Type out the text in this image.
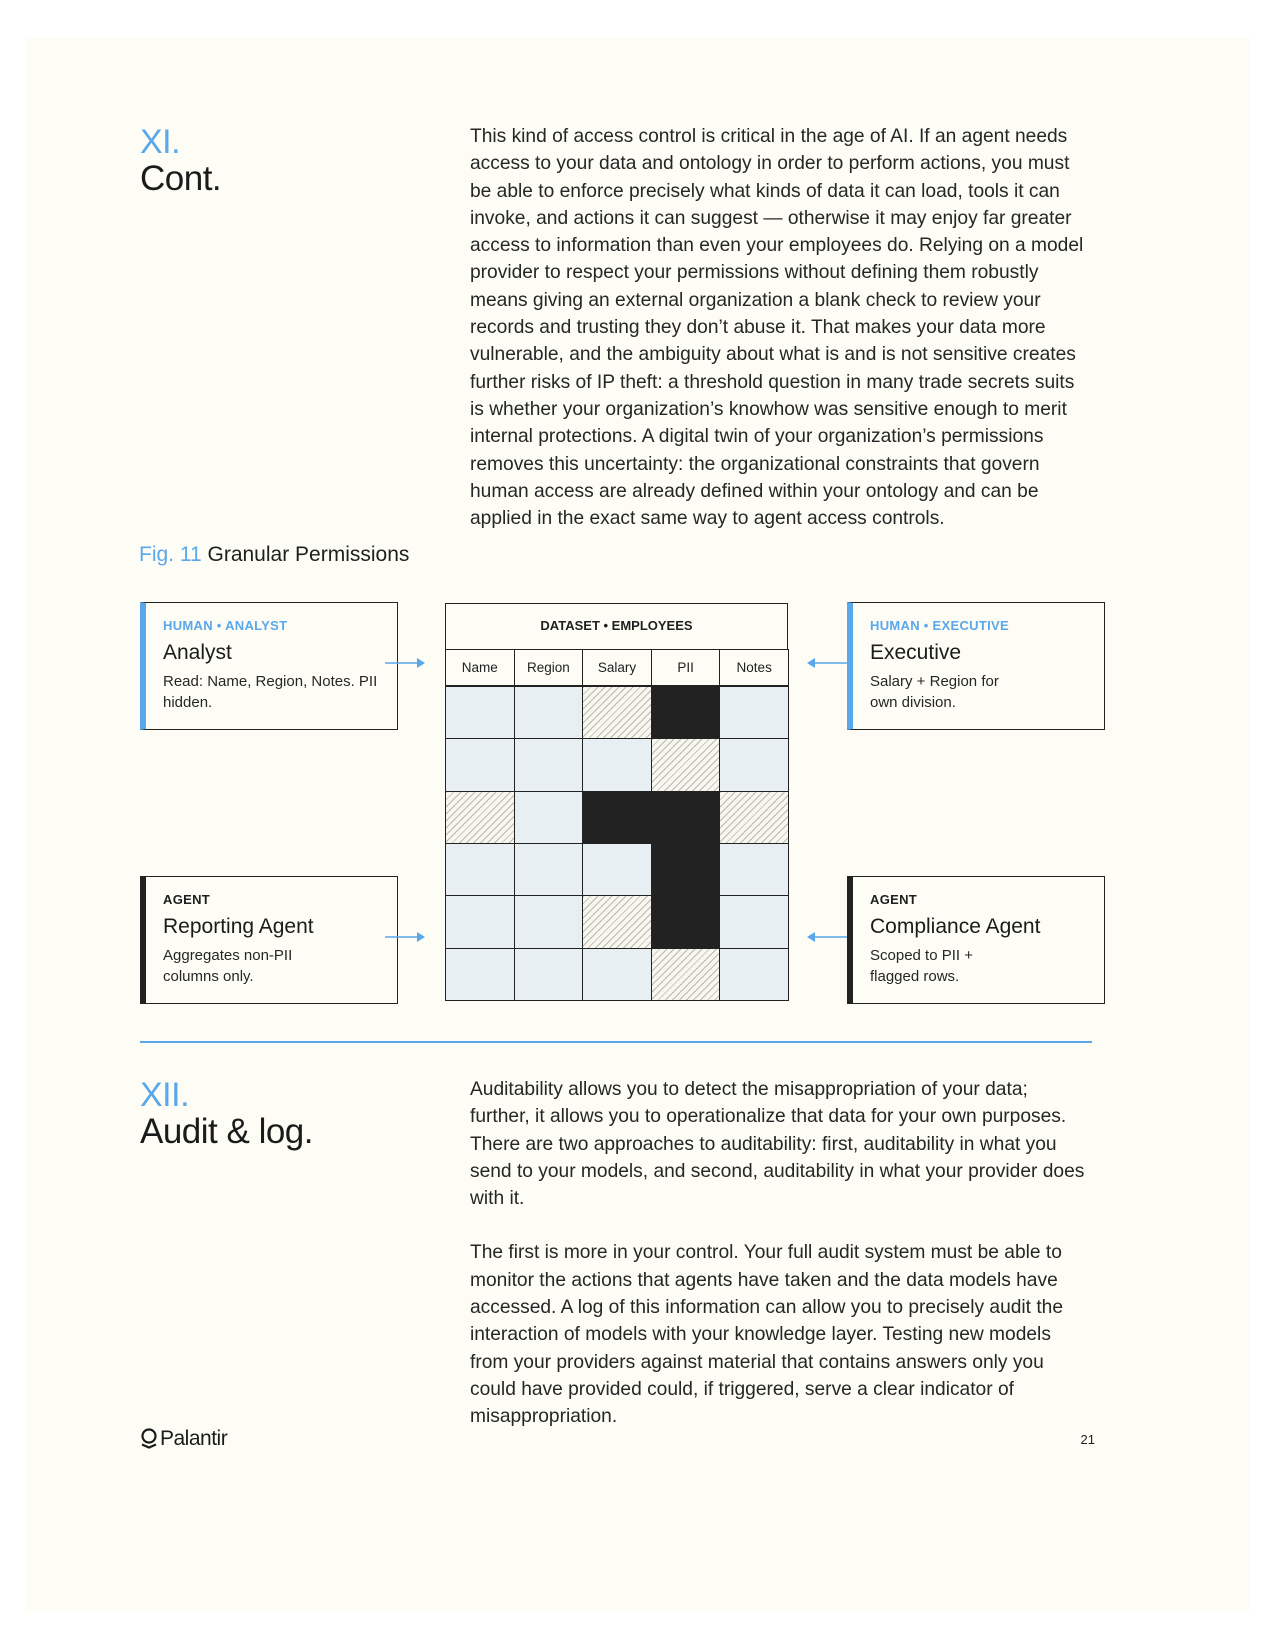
XI.
Cont.

This kind of access control is critical in the age of AI. If an agent needs access to your data and ontology in order to perform actions, you must be able to enforce precisely what kinds of data it can load, tools it can invoke, and actions it can suggest — otherwise it may enjoy far greater access to information than even your employees do. Relying on a model provider to respect your permissions without defining them robustly means giving an external organization a blank check to review your records and trusting they don’t abuse it. That makes your data more vulnerable, and the ambiguity about what is and is not sensitive creates further risks of IP theft: a threshold question in many trade secrets suits is whether your organization’s knowhow was sensitive enough to merit internal protections. A digital twin of your organization’s permissions removes this uncertainty: the organizational constraints that govern human access are already defined within your ontology and can be applied in the exact same way to agent access controls.

Fig. 11 Granular Permissions
HUMAN • ANALYST
Analyst
Read: Name, Region, Notes. PII hidden.
HUMAN • EXECUTIVE
Executive
Salary + Region for own division.
AGENT
Reporting Agent
Aggregates non-PII columns only.
AGENT
Compliance Agent
Scoped to PII + flagged rows.
DATASET • EMPLOYEES
Name	Region	Salary	PII	Notes
XII.
Audit & log.

Auditability allows you to detect the misappropriation of your data; further, it allows you to operationalize that data for your own purposes. There are two approaches to auditability: first, auditability in what you send to your models, and second, auditability in what your provider does with it.

The first is more in your control. Your full audit system must be able to monitor the actions that agents have taken and the data models have accessed. A log of this information can allow you to precisely audit the interaction of models with your knowledge layer. Testing new models from your providers against material that contains answers only you could have provided could, if triggered, serve a clear indicator of misappropriation.

Palantir	21
